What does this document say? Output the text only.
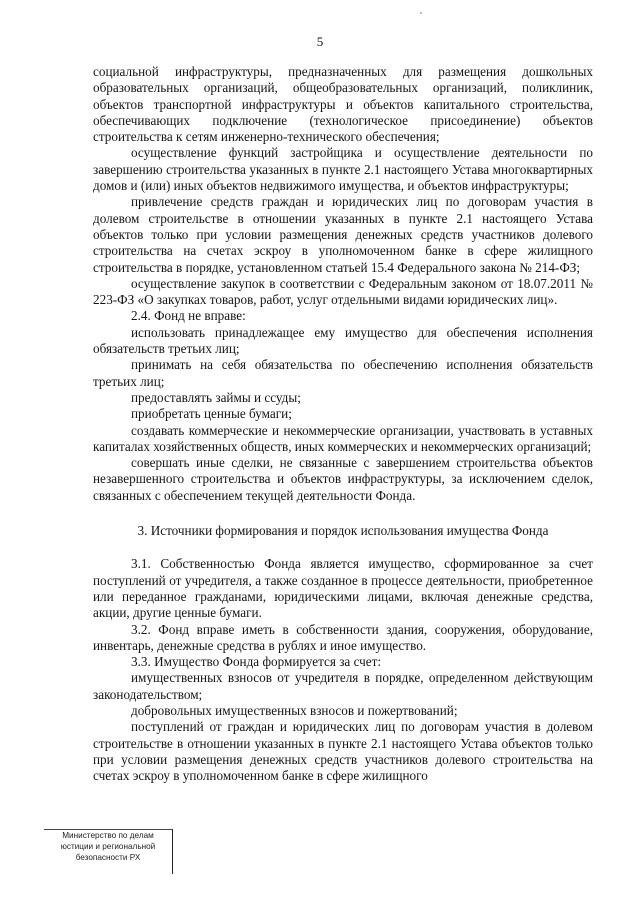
5

социальной инфраструктуры, предназначенных для размещения дошкольных образовательных организаций, общеобразовательных организаций, поликлиник, объектов транспортной инфраструктуры и объектов капитального строительства, обеспечивающих подключение (технологическое присоединение) объектов строительства к сетям инженерно-технического обеспечения;

осуществление функций застройщика и осуществление деятельности по завершению строительства указанных в пункте 2.1 настоящего Устава многоквартирных домов и (или) иных объектов недвижимого имущества, и объектов инфраструктуры;

привлечение средств граждан и юридических лиц по договорам участия в долевом строительстве в отношении указанных в пункте 2.1 настоящего Устава объектов только при условии размещения денежных средств участников долевого строительства на счетах эскроу в уполномоченном банке в сфере жилищного строительства в порядке, установленном статьей 15.4 Федерального закона № 214-ФЗ;

осуществление закупок в соответствии с Федеральным законом от 18.07.2011 № 223-ФЗ «О закупках товаров, работ, услуг отдельными видами юридических лиц».

2.4. Фонд не вправе:

использовать принадлежащее ему имущество для обеспечения исполнения обязательств третьих лиц;

принимать на себя обязательства по обеспечению исполнения обязательств третьих лиц;

предоставлять займы и ссуды;

приобретать ценные бумаги;

создавать коммерческие и некоммерческие организации, участвовать в уставных капиталах хозяйственных обществ, иных коммерческих и некоммерческих организаций;

совершать иные сделки, не связанные с завершением строительства объектов незавершенного строительства и объектов инфраструктуры, за исключением сделок, связанных с обеспечением текущей деятельности Фонда.

3. Источники формирования и порядок использования имущества Фонда

3.1. Собственностью Фонда является имущество, сформированное за счет поступлений от учредителя, а также созданное в процессе деятельности, приобретенное или переданное гражданами, юридическими лицами, включая денежные средства, акции, другие ценные бумаги.

3.2. Фонд вправе иметь в собственности здания, сооружения, оборудование, инвентарь, денежные средства в рублях и иное имущество.

3.3. Имущество Фонда формируется за счет:

имущественных взносов от учредителя в порядке, определенном действующим законодательством;

добровольных имущественных взносов и пожертвований;

поступлений от граждан и юридических лиц по договорам участия в долевом строительстве в отношении указанных в пункте 2.1 настоящего Устава объектов только при условии размещения денежных средств участников долевого строительства на счетах эскроу в уполномоченном банке в сфере жилищного

Министерство по делам
юстиции и региональной
безопасности РХ
